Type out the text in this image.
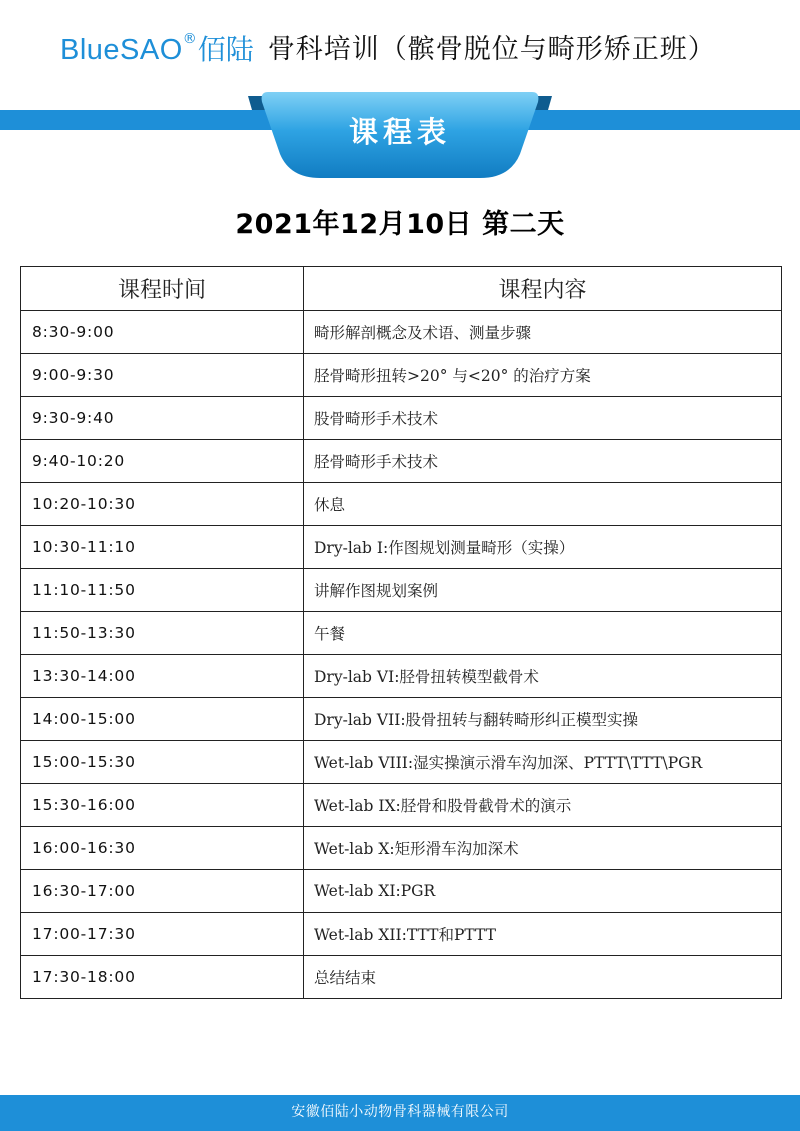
BlueSAO ® 佰陆 骨科培训（髌骨脱位与畸形矫正班）
课程表
2021年12月10日 第二天
课程时间	课程内容
8:30-9:00	畸形解剖概念及术语、测量步骤
9:00-9:30	胫骨畸形扭转>20° 与<20° 的治疗方案
9:30-9:40	股骨畸形手术技术
9:40-10:20	胫骨畸形手术技术
10:20-10:30	休息
10:30-11:10	Dry-lab I:作图规划测量畸形（实操）
11:10-11:50	讲解作图规划案例
11:50-13:30	午餐
13:30-14:00	Dry-lab VI:胫骨扭转模型截骨术
14:00-15:00	Dry-lab VII:股骨扭转与翻转畸形纠正模型实操
15:00-15:30	Wet-lab VIII:湿实操演示滑车沟加深、PTTT\TTT\PGR
15:30-16:00	Wet-lab IX:胫骨和股骨截骨术的演示
16:00-16:30	Wet-lab X:矩形滑车沟加深术
16:30-17:00	Wet-lab XI:PGR
17:00-17:30	Wet-lab XII:TTT和PTTT
17:30-18:00	总结结束
安徽佰陆小动物骨科器械有限公司
